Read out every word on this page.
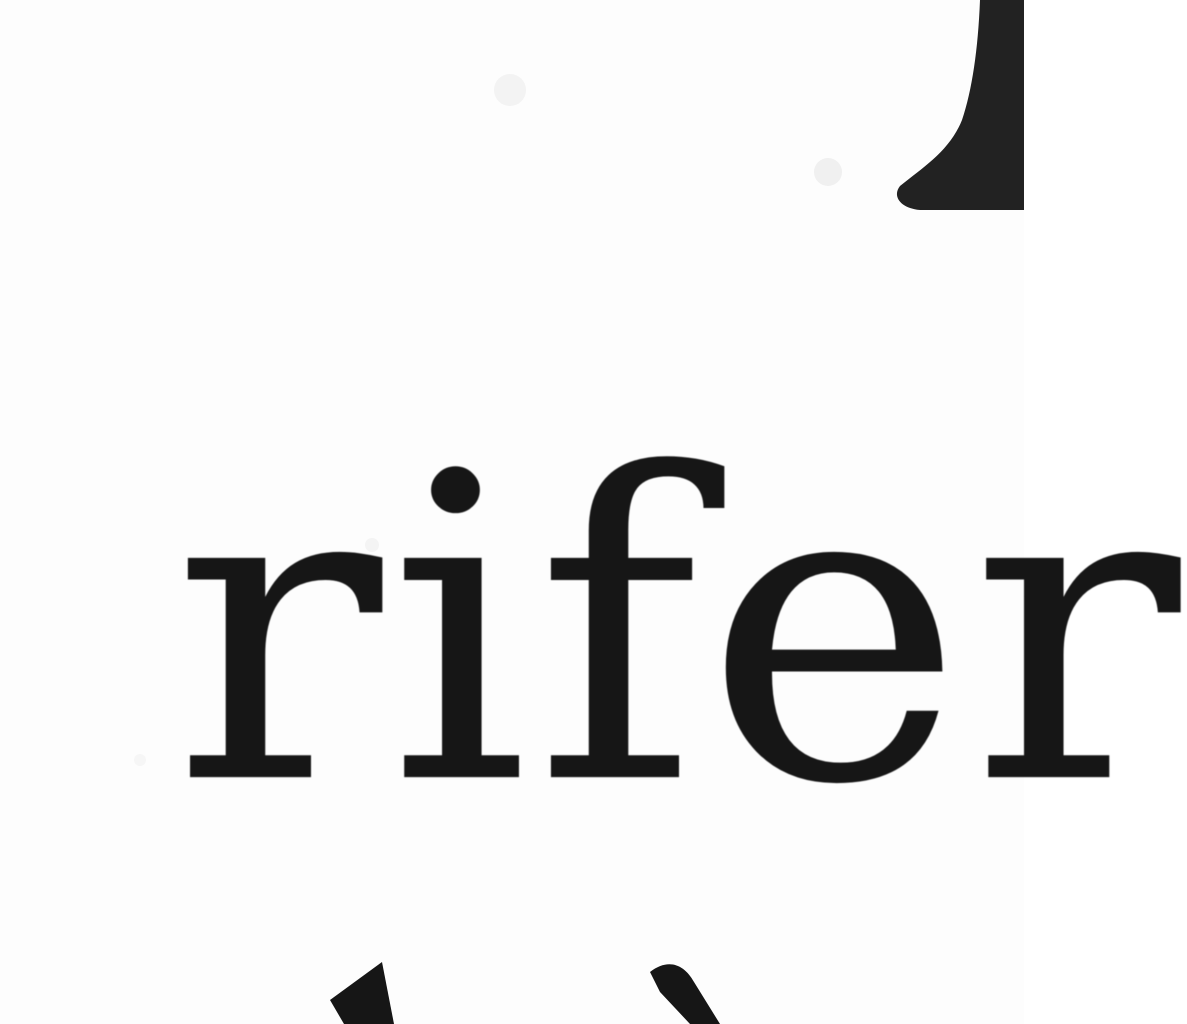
rifer
